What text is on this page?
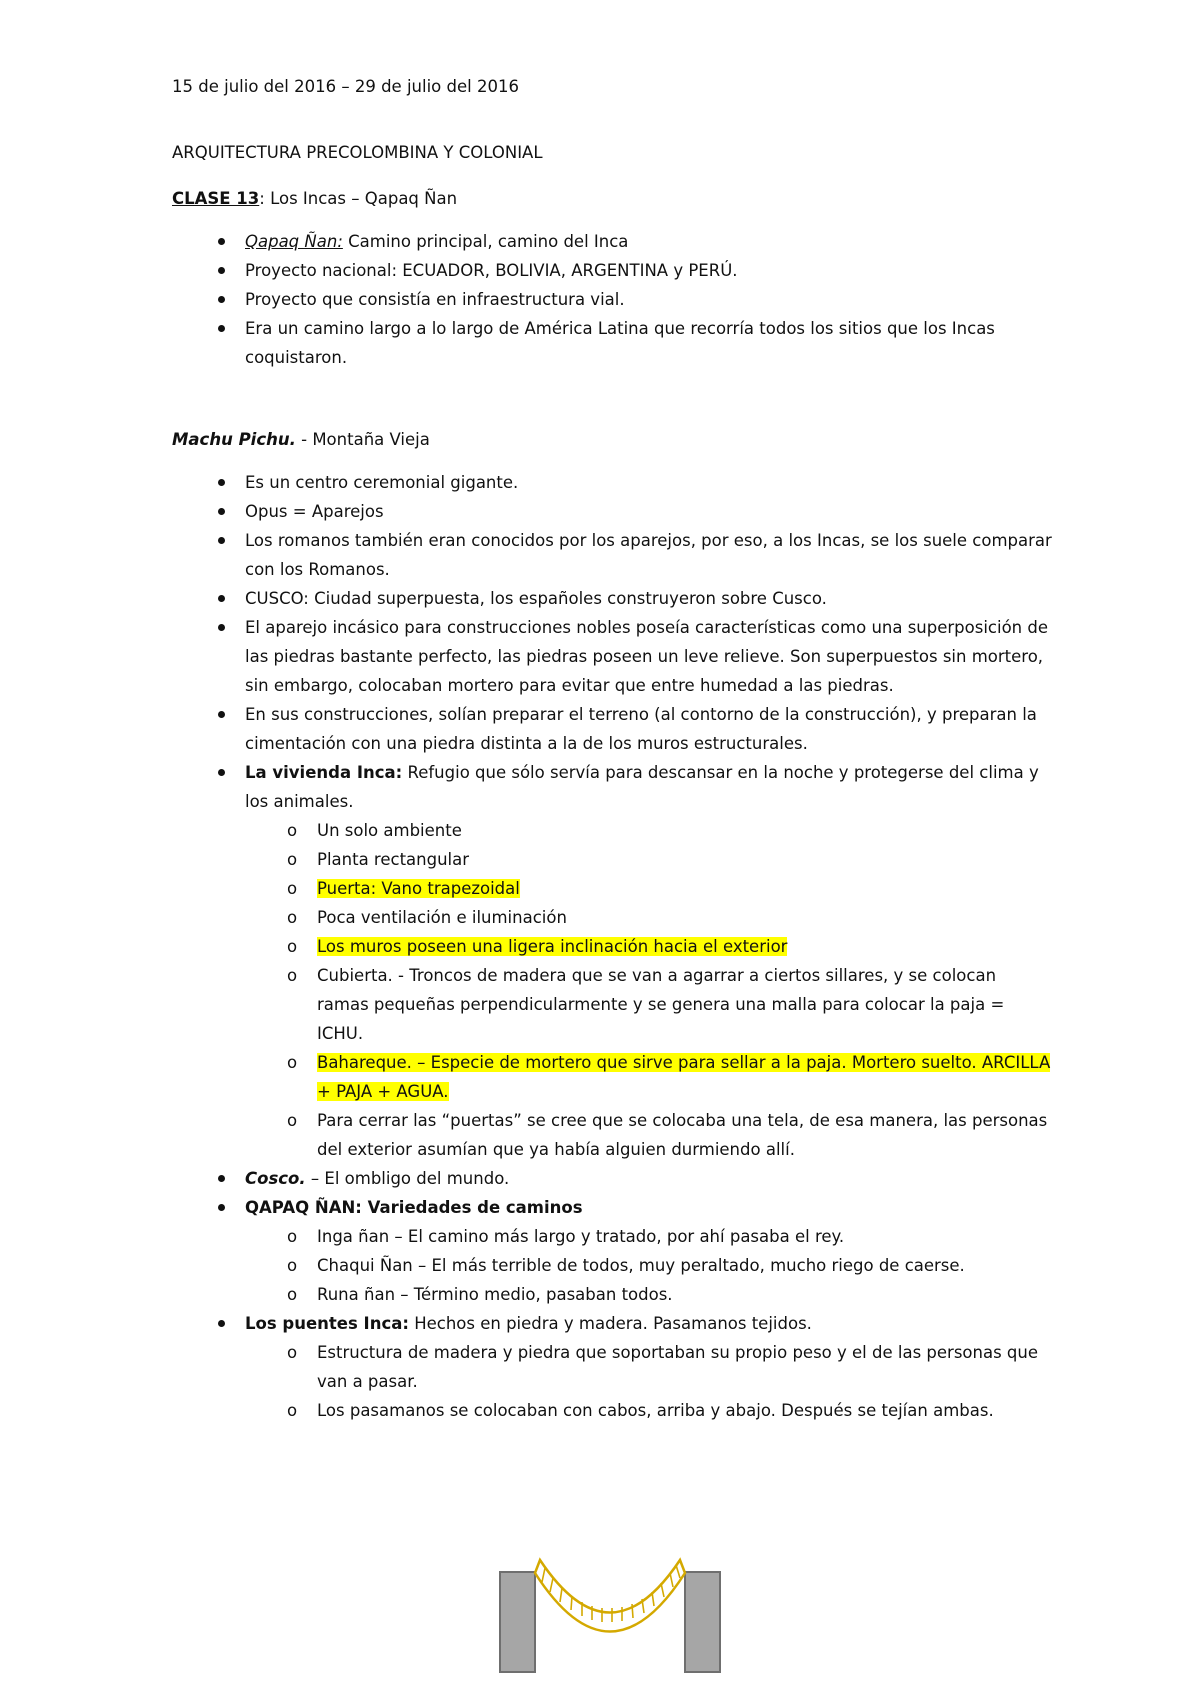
15 de julio del 2016 – 29 de julio del 2016

ARQUITECTURA PRECOLOMBINA Y COLONIAL

CLASE 13: Los Incas – Qapaq Ñan

Qapaq Ñan: Camino principal, camino del Inca
Proyecto nacional: ECUADOR, BOLIVIA, ARGENTINA y PERÚ.
Proyecto que consistía en infraestructura vial.
Era un camino largo a lo largo de América Latina que recorría todos los sitios que los Incas coquistaron.

Machu Pichu. - Montaña Vieja

Es un centro ceremonial gigante.
Opus = Aparejos
Los romanos también eran conocidos por los aparejos, por eso, a los Incas, se los suele comparar con los Romanos.
CUSCO: Ciudad superpuesta, los españoles construyeron sobre Cusco.
El aparejo incásico para construcciones nobles poseía características como una superposición de las piedras bastante perfecto, las piedras poseen un leve relieve. Son superpuestos sin mortero, sin embargo, colocaban mortero para evitar que entre humedad a las piedras.
En sus construcciones, solían preparar el terreno (al contorno de la construcción), y preparan la cimentación con una piedra distinta a la de los muros estructurales.
La vivienda Inca: Refugio que sólo servía para descansar en la noche y protegerse del clima y los animales.
o Un solo ambiente
o Planta rectangular
o Puerta: Vano trapezoidal
o Poca ventilación e iluminación
o Los muros poseen una ligera inclinación hacia el exterior
o Cubierta. - Troncos de madera que se van a agarrar a ciertos sillares, y se colocan ramas pequeñas perpendicularmente y se genera una malla para colocar la paja = ICHU.
o Bahareque. – Especie de mortero que sirve para sellar a la paja. Mortero suelto. ARCILLA + PAJA + AGUA.
o Para cerrar las “puertas” se cree que se colocaba una tela, de esa manera, las personas del exterior asumían que ya había alguien durmiendo allí.
Cosco. – El ombligo del mundo.
QAPAQ ÑAN: Variedades de caminos
o Inga ñan – El camino más largo y tratado, por ahí pasaba el rey.
o Chaqui Ñan – El más terrible de todos, muy peraltado, mucho riego de caerse.
o Runa ñan – Término medio, pasaban todos.
Los puentes Inca: Hechos en piedra y madera. Pasamanos tejidos.
o Estructura de madera y piedra que soportaban su propio peso y el de las personas que van a pasar.
o Los pasamanos se colocaban con cabos, arriba y abajo. Después se tejían ambas.
